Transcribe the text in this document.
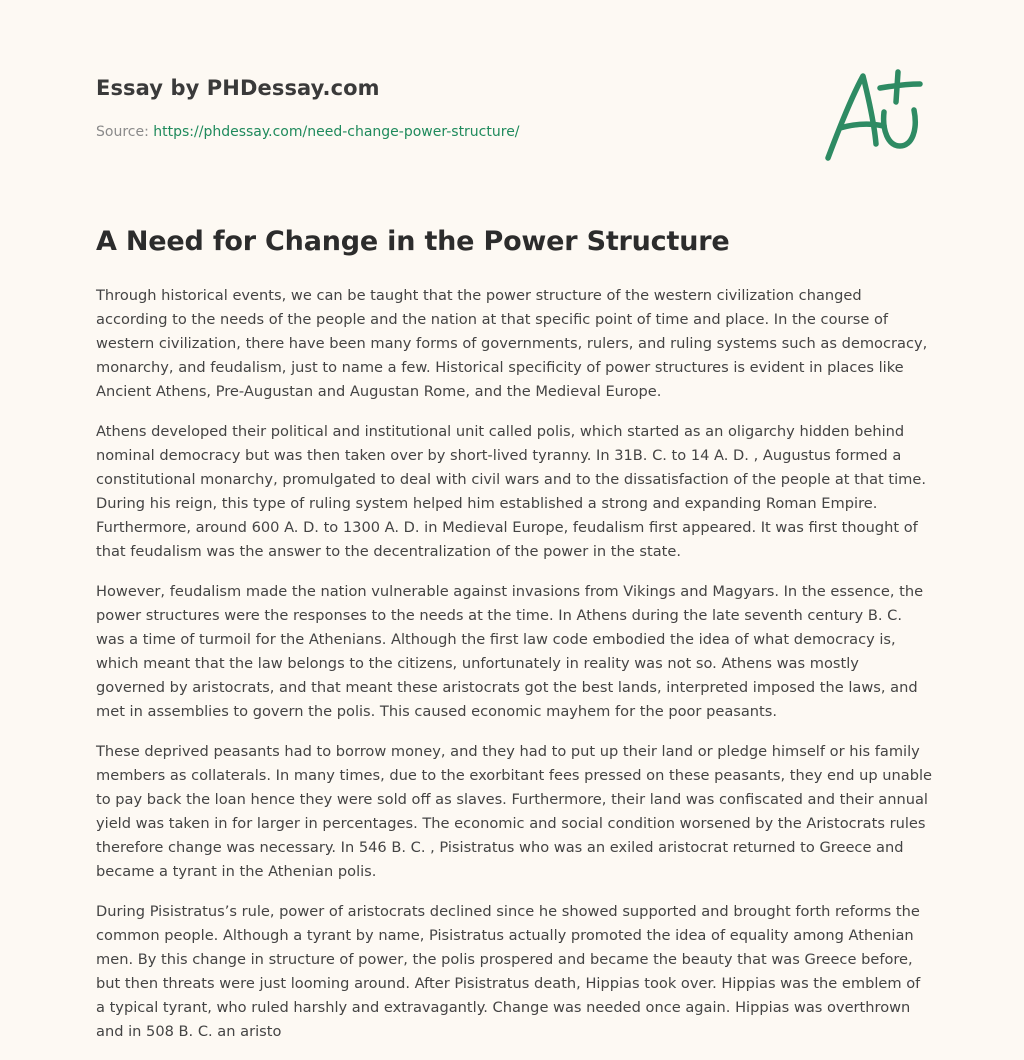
Essay by PHDessay.com
Source: https://phdessay.com/need-change-power-structure/
A Need for Change in the Power Structure

Through historical events, we can be taught that the power structure of the western civilization changed according to the needs of the people and the nation at that specific point of time and place. In the course of western civilization, there have been many forms of governments, rulers, and ruling systems such as democracy, monarchy, and feudalism, just to name a few. Historical specificity of power structures is evident in places like Ancient Athens, Pre-Augustan and Augustan Rome, and the Medieval Europe.

Athens developed their political and institutional unit called polis, which started as an oligarchy hidden behind nominal democracy but was then taken over by short-lived tyranny. In 31B. C. to 14 A. D. , Augustus formed a constitutional monarchy, promulgated to deal with civil wars and to the dissatisfaction of the people at that time. During his reign, this type of ruling system helped him established a strong and expanding Roman Empire. Furthermore, around 600 A. D. to 1300 A. D. in Medieval Europe, feudalism first appeared. It was first thought of that feudalism was the answer to the decentralization of the power in the state.

However, feudalism made the nation vulnerable against invasions from Vikings and Magyars. In the essence, the power structures were the responses to the needs at the time. In Athens during the late seventh century B. C. was a time of turmoil for the Athenians. Although the first law code embodied the idea of what democracy is, which meant that the law belongs to the citizens, unfortunately in reality was not so. Athens was mostly governed by aristocrats, and that meant these aristocrats got the best lands, interpreted imposed the laws, and met in assemblies to govern the polis. This caused economic mayhem for the poor peasants.

These deprived peasants had to borrow money, and they had to put up their land or pledge himself or his family members as collaterals. In many times, due to the exorbitant fees pressed on these peasants, they end up unable to pay back the loan hence they were sold off as slaves. Furthermore, their land was confiscated and their annual yield was taken in for larger in percentages. The economic and social condition worsened by the Aristocrats rules therefore change was necessary. In 546 B. C. , Pisistratus who was an exiled aristocrat returned to Greece and became a tyrant in the Athenian polis.

During Pisistratus’s rule, power of aristocrats declined since he showed supported and brought forth reforms the common people. Although a tyrant by name, Pisistratus actually promoted the idea of equality among Athenian men. By this change in structure of power, the polis prospered and became the beauty that was Greece before, but then threats were just looming around. After Pisistratus death, Hippias took over. Hippias was the emblem of a typical tyrant, who ruled harshly and extravagantly. Change was needed once again. Hippias was overthrown and in 508 B. C. an aristo
